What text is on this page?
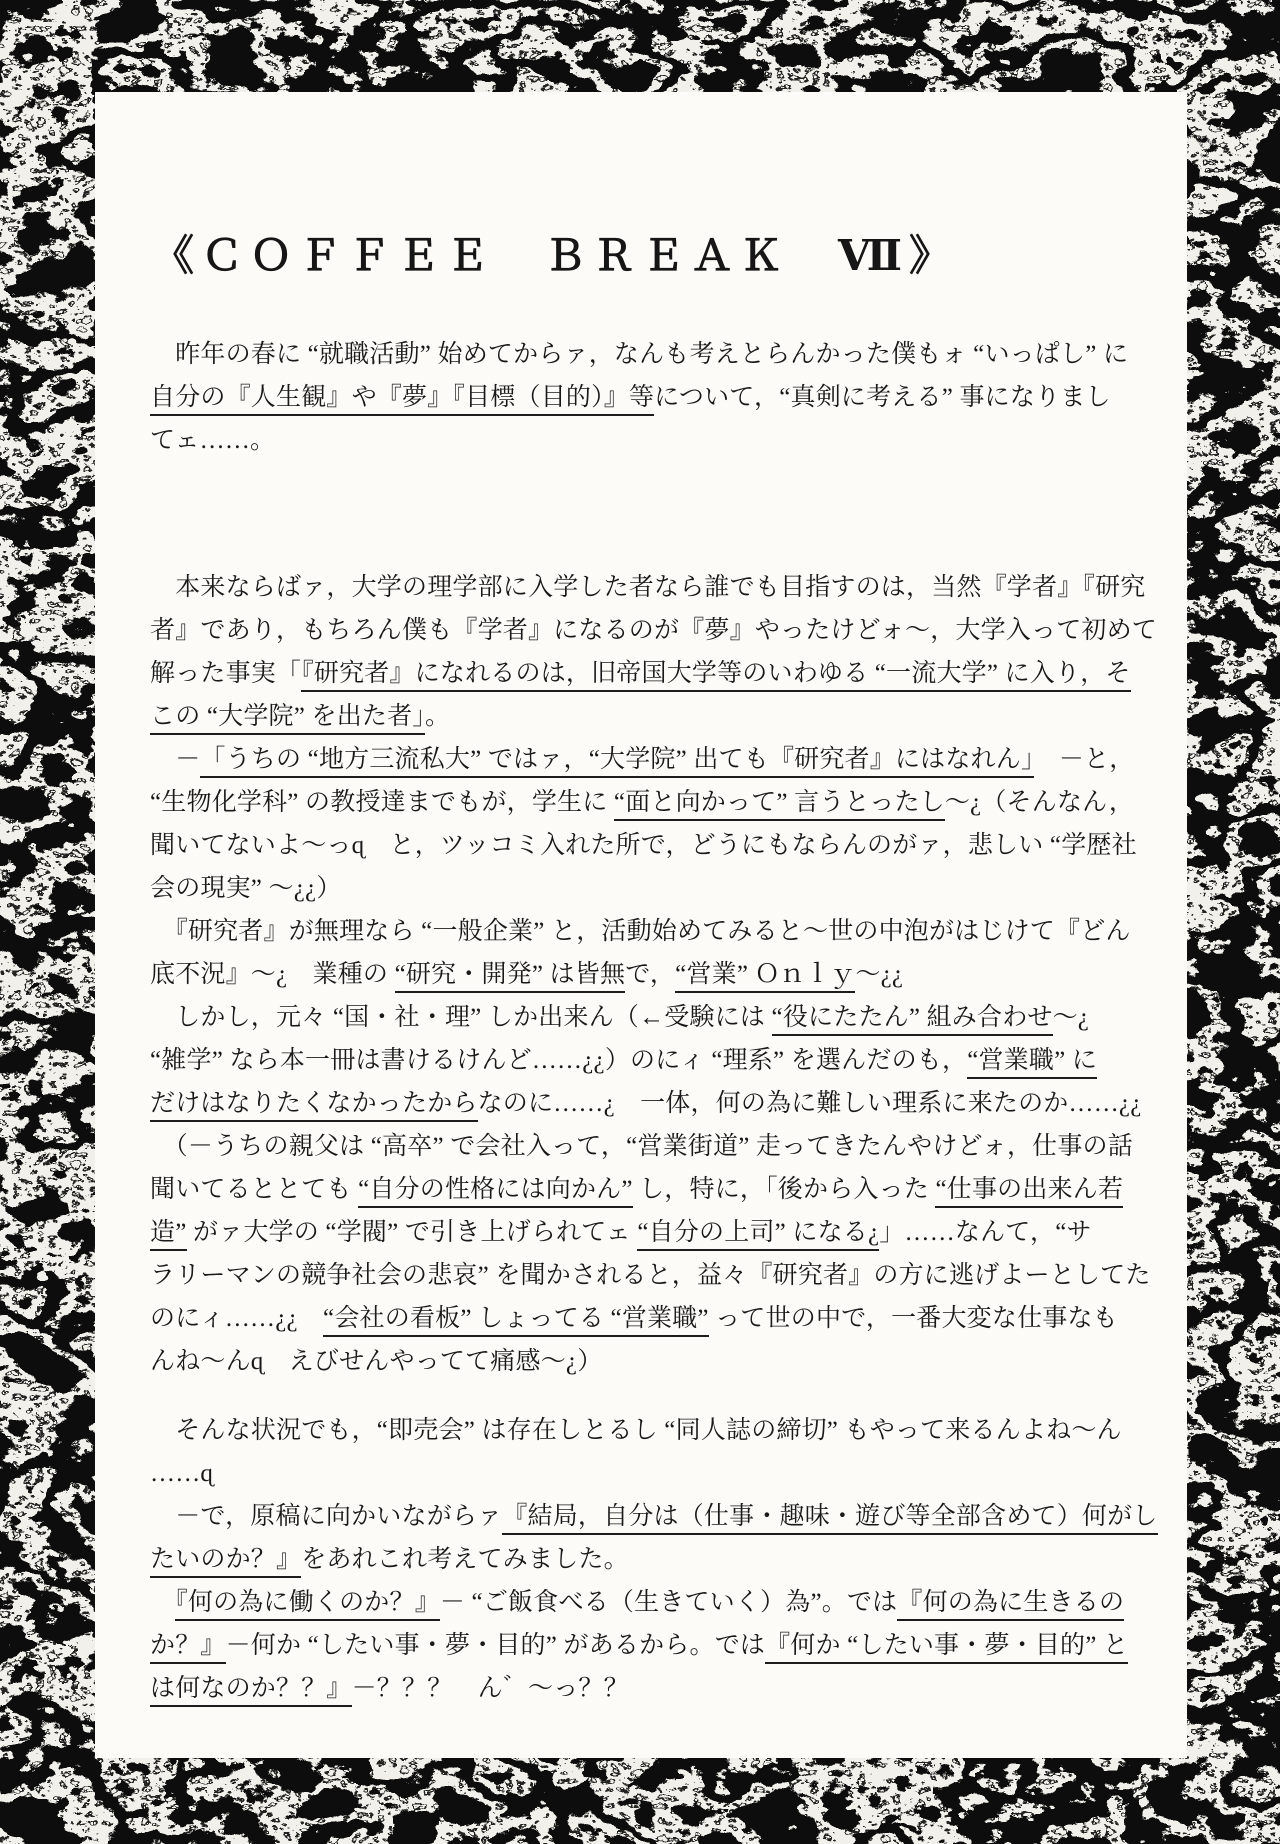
《ＣＯＦＦＥＥ　ＢＲＥＡＫ　Ⅶ》
　昨年の春に “就職活動” 始めてからァ，なんも考えとらんかった僕もォ “いっぱし” に
自分の『人生観』や『夢』『目標（目的）』等について，“真剣に考える” 事になりまし
てェ……。
　本来ならばァ，大学の理学部に入学した者なら誰でも目指すのは，当然『学者』『研究
者』であり，もちろん僕も『学者』になるのが『夢』やったけどォ〜，大学入って初めて
解った事実「『研究者』になれるのは，旧帝国大学等のいわゆる “一流大学” に入り，そ
この “大学院” を出た者」。
　－「うちの “地方三流私大” ではァ，“大学院” 出ても『研究者』にはなれん」　－と，
“生物化学科” の教授達までもが，学生に “面と向かって” 言うとったし〜¿（そんなん，
聞いてないよ〜っɋ　と，ツッコミ入れた所で，どうにもならんのがァ，悲しい “学歴社
会の現実” 〜¿¿）
　『研究者』が無理なら “一般企業” と，活動始めてみると〜世の中泡がはじけて『どん
底不況』〜¿　業種の “研究・開発” は皆無で，“営業” Ｏｎｌｙ〜¿¿
　しかし，元々 “国・社・理” しか出来ん（←受験には “役にたたん” 組み合わせ〜¿
“雑学” なら本一冊は書けるけんど……¿¿）のにィ “理系” を選んだのも，“営業職” に
だけはなりたくなかったからなのに……¿　一体，何の為に難しい理系に来たのか……¿¿
　（－うちの親父は “高卒” で会社入って，“営業街道” 走ってきたんやけどォ，仕事の話
聞いてるととても “自分の性格には向かん” し，特に，「後から入った “仕事の出来ん若
造” がァ大学の “学閥” で引き上げられてェ “自分の上司” になる¿」……なんて，“サ
ラリーマンの競争社会の悲哀” を聞かされると，益々『研究者』の方に逃げよーとしてた
のにィ……¿¿　“会社の看板” しょってる “営業職” って世の中で，一番大変な仕事なも
んね〜んɋ　えびせんやってて痛感〜¿）
　そんな状況でも，“即売会” は存在しとるし “同人誌の締切” もやって来るんよね〜ん
……ɋ
　－で，原稿に向かいながらァ『結局，自分は（仕事・趣味・遊び等全部含めて）何がし
たいのか？』をあれこれ考えてみました。
　『何の為に働くのか？』－ “ご飯食べる（生きていく）為”。では『何の為に生きるの
か？』－何か “したい事・夢・目的” があるから。では『何か “したい事・夢・目的” と
は何なのか？？』－？？？　ん゛〜っ？？
